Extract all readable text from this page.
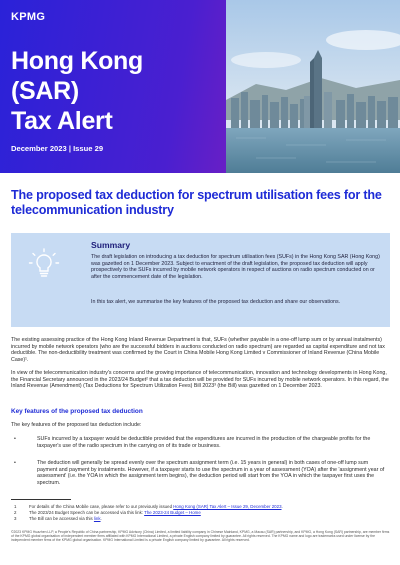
KPMG
Hong Kong (SAR)
Tax Alert
December 2023 | Issue 29
The proposed tax deduction for spectrum utilisation fees for the telecommunication industry
Summary

The draft legislation on introducing a tax deduction for spectrum utilisation fees (SUFs) in the Hong Kong SAR (Hong Kong) was gazetted on 1 December 2023. Subject to enactment of the draft legislation, the proposed tax deduction will apply prospectively to the SUFs incurred by mobile network operators in respect of auctions on radio spectrum conducted on or after the commencement date of the legislation.

In this tax alert, we summarise the key features of the proposed tax deduction and share our observations.

The existing assessing practice of the Hong Kong Inland Revenue Department is that, SUFs (whether payable in a one-off lump sum or by annual instalments) incurred by mobile network operators (who are the successful bidders in auctions conducted on radio spectrum) are regarded as capital expenditure and not tax deductible. The non-deductibility treatment was confirmed by the Court in China Mobile Hong Kong Limited v Commissioner of Inland Revenue (China Mobile Case)¹.

In view of the telecommunication industry's concerns and the growing importance of telecommunication, innovation and technology developments in Hong Kong, the Financial Secretary announced in the 2023/24 Budget² that a tax deduction will be provided for SUFs incurred by mobile network operators. In this regard, the Inland Revenue (Amendment) (Tax Deductions for Spectrum Utilization Fees) Bill 2023³ (the Bill) was gazetted on 1 December 2023.

Key features of the proposed tax deduction

The key features of the proposed tax deduction include:

•	SUFs incurred by a taxpayer would be deductible provided that the expenditures are incurred in the production of the chargeable profits for the taxpayer's use of the radio spectrum in the carrying on of its trade or business.

•	The deduction will generally be spread evenly over the spectrum assignment term (i.e. 15 years in general) in both cases of one-off lump sum payment and payment by instalments. However, if a taxpayer starts to use the spectrum in a year of assessment (YOA) after the 'assignment year of assessment' (i.e. the YOA in which the assignment term begins), the deduction period will start from the YOA in which the taxpayer first uses the spectrum.

1	For details of the China Mobile case, please refer to our previously issued Hong Kong (SAR) Tax Alert – Issue 29, December 2023.
2	The 2023/24 Budget Speech can be accessed via this link: The 2023-24 Budget – Home
3	The Bill can be accessed via this link.

©2023 KPMG Huazhen LLP, a People's Republic of China partnership, KPMG Advisory (China) Limited, a limited liability company in Chinese Mainland, KPMG, a Macau (SAR) partnership, and KPMG, a Hong Kong (SAR) partnership, are member firms of the KPMG global organisation of independent member firms affiliated with KPMG International Limited, a private English company limited by guarantee. All rights reserved. The KPMG name and logo are trademarks used under license by the independent member firms of the KPMG global organisation. KPMG International Limited is a private English company limited by guarantee. All rights reserved.
